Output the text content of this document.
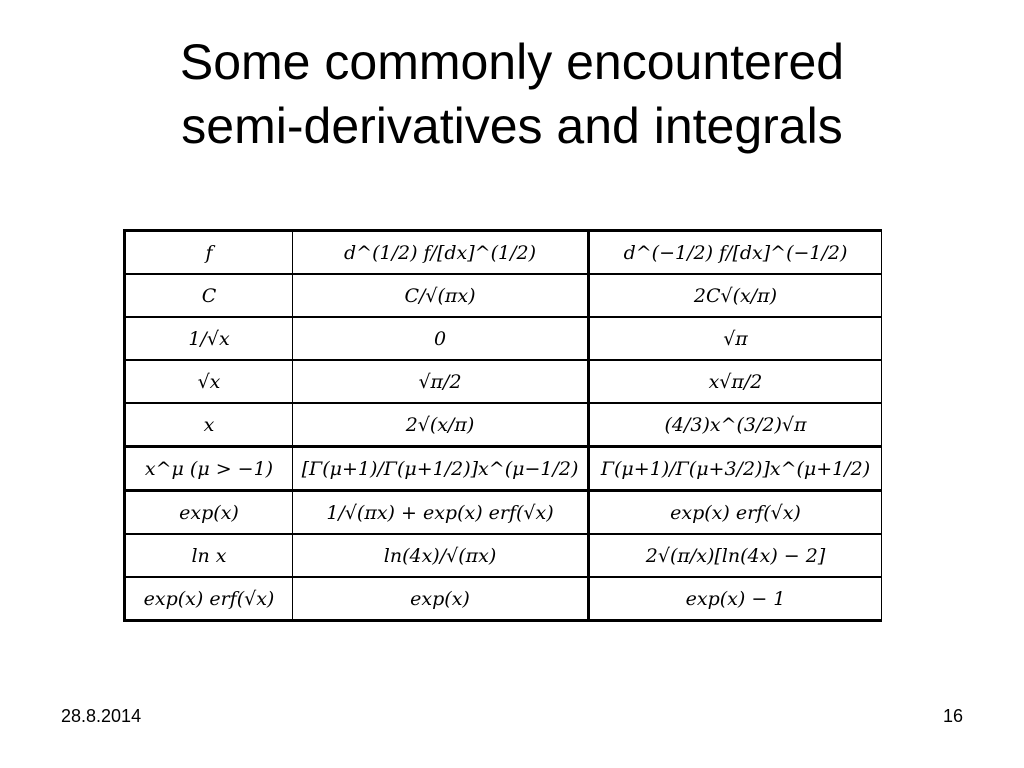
Some commonly encountered
semi-derivatives and integrals
f	d^(1/2) f/[dx]^(1/2)	d^(−1/2) f/[dx]^(−1/2)
C	C/√(πx)	2C√(x/π)
1/√x	0	√π
√x	√π/2	x√π/2
x	2√(x/π)	(4/3)x^(3/2)√π
x^μ (μ > −1)	[Γ(μ+1)/Γ(μ+1/2)]x^(μ−1/2)	Γ(μ+1)/Γ(μ+3/2)]x^(μ+1/2)
exp(x)	1/√(πx) + exp(x) erf(√x)	exp(x) erf(√x)
ln x	ln(4x)/√(πx)	2√(π/x)[ln(4x) − 2]
exp(x) erf(√x)	exp(x)	exp(x) − 1
28.8.2014	16
